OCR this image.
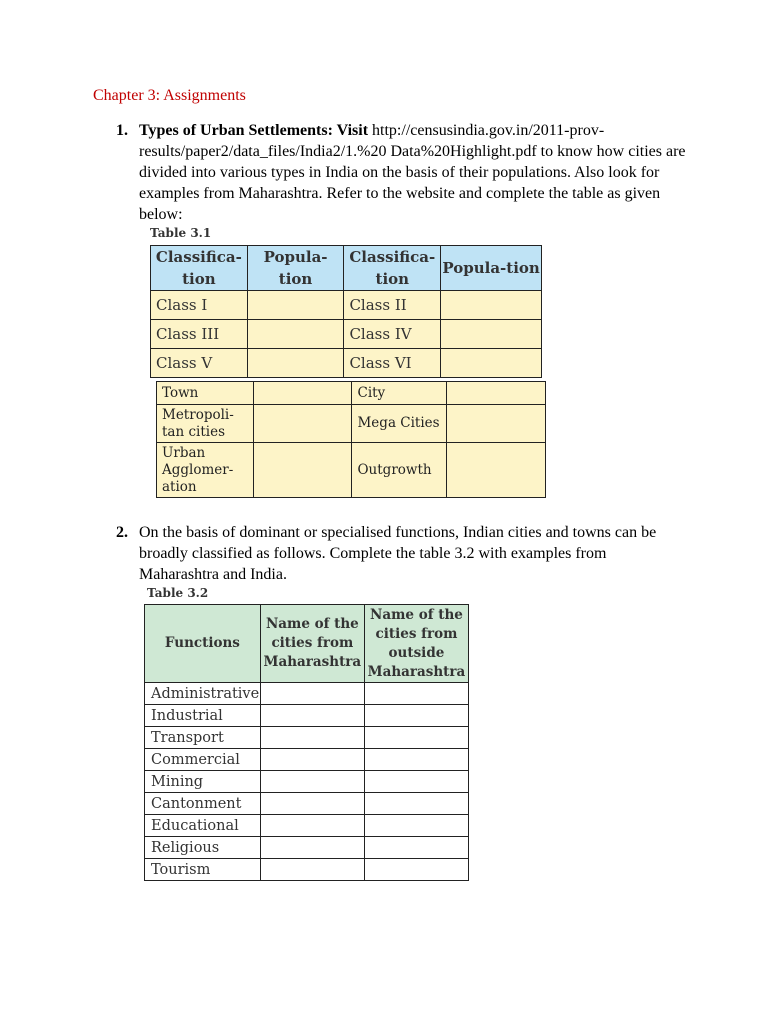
Chapter 3: Assignments
1. Types of Urban Settlements: Visit http://censusindia.gov.in/2011-prov-results/paper2/data_files/India2/1.%20 Data%20Highlight.pdf to know how cities are divided into various types in India on the basis of their populations. Also look for examples from Maharashtra. Refer to the website and complete the table as given below:
Table 3.1
Classifica-tion	Popula-tion	Classifica-tion	Popula-tion
Class I		Class II	
Class III		Class IV	
Class V		Class VI	
Town		City	
Metropoli-tan cities		Mega Cities	
Urban Agglomer-ation		Outgrowth	
2. On the basis of dominant or specialised functions, Indian cities and towns can be broadly classified as follows. Complete the table 3.2 with examples from Maharashtra and India.
Table 3.2
Functions	Name of the cities from Maharashtra	Name of the cities from outside Maharashtra
Administrative		
Industrial		
Transport		
Commercial		
Mining		
Cantonment		
Educational		
Religious		
Tourism		
